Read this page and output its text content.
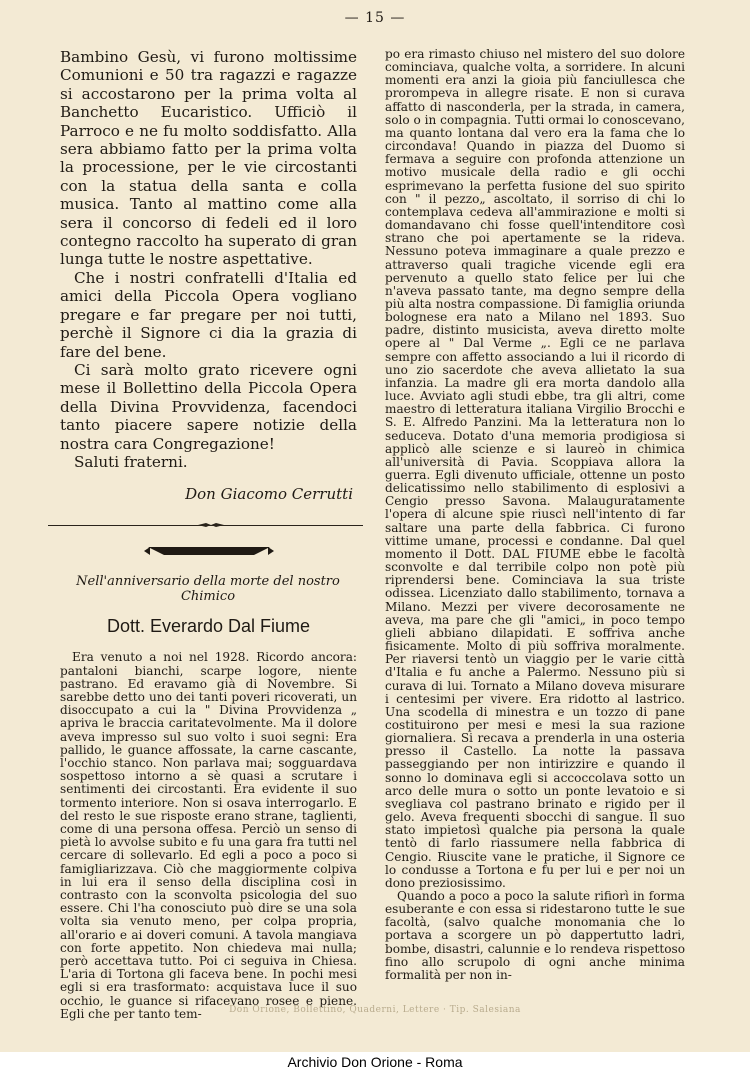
— 15 —

Bambino Gesù, vi furono moltissime Comunioni e 50 tra ragazzi e ragazze si accostarono per la prima volta al Banchetto Eucaristico. Ufficiò il Parroco e ne fu molto soddisfatto. Alla sera abbiamo fatto per la prima volta la processione, per le vie circostanti con la statua della santa e colla musica. Tanto al mattino come alla sera il concorso di fedeli ed il loro contegno raccolto ha superato di gran lunga tutte le nostre aspettative.

Che i nostri confratelli d'Italia ed amici della Piccola Opera vogliano pregare e far pregare per noi tutti, perchè il Signore ci dia la grazia di fare del bene.

Ci sarà molto grato ricevere ogni mese il Bollettino della Piccola Opera della Divina Provvidenza, facendoci tanto piacere sapere notizie della nostra cara Congregazione!

Saluti fraterni.

Don Giacomo Cerrutti
Nell'anniversario della morte del nostro Chimico
Dott. Everardo Dal Fiume

Era venuto a noi nel 1928. Ricordo ancora: pantaloni bianchi, scarpe logore, niente pastrano. Ed eravamo già di Novembre. Si sarebbe detto uno dei tanti poveri ricoverati, un disoccupato a cui la " Divina Provvidenza „ apriva le braccia caritatevolmente. Ma il dolore aveva impresso sul suo volto i suoi segni: Era pallido, le guance affossate, la carne cascante, l'occhio stanco. Non parlava mai; sogguardava sospettoso intorno a sè quasi a scrutare i sentimenti dei circostanti. Era evidente il suo tormento interiore. Non si osava interrogarlo. E del resto le sue risposte erano strane, taglienti, come di una persona offesa. Perciò un senso di pietà lo avvolse subito e fu una gara fra tutti nel cercare di sollevarlo. Ed egli a poco a poco si famigliarizzava. Ciò che maggiormente colpiva in lui era il senso della disciplina così in contrasto con la sconvolta psicologia del suo essere. Chi l'ha conosciuto può dire se una sola volta sia venuto meno, per colpa propria, all'orario e ai doveri comuni. A tavola mangiava con forte appetito. Non chiedeva mai nulla; però accettava tutto. Poi ci seguiva in Chiesa. L'aria di Tortona gli faceva bene. In pochi mesi egli si era trasformato: acquistava luce il suo occhio, le guance si rifacevano rosee e piene. Egli che per tanto tem-

po era rimasto chiuso nel mistero del suo dolore cominciava, qualche volta, a sorridere. In alcuni momenti era anzi la gioia più fanciullesca che prorompeva in allegre risate. E non si curava affatto di nasconderla, per la strada, in camera, solo o in compagnia. Tutti ormai lo conoscevano, ma quanto lontana dal vero era la fama che lo circondava! Quando in piazza del Duomo si fermava a seguire con profonda attenzione un motivo musicale della radio e gli occhi esprimevano la perfetta fusione del suo spirito con " il pezzo„ ascoltato, il sorriso di chi lo contemplava cedeva all'ammirazione e molti si domandavano chi fosse quell'intenditore così strano che poi apertamente se la rideva. Nessuno poteva immaginare a quale prezzo e attraverso quali tragiche vicende egli era pervenuto a quello stato felice per lui che n'aveva passato tante, ma degno sempre della più alta nostra compassione. Di famiglia oriunda bolognese era nato a Milano nel 1893. Suo padre, distinto musicista, aveva diretto molte opere al " Dal Verme „. Egli ce ne parlava sempre con affetto associando a lui il ricordo di uno zio sacerdote che aveva allietato la sua infanzia. La madre gli era morta dandolo alla luce. Avviato agli studi ebbe, tra gli altri, come maestro di letteratura italiana Virgilio Brocchi e S. E. Alfredo Panzini. Ma la letteratura non lo seduceva. Dotato d'una memoria prodigiosa si applicò alle scienze e si laureò in chimica all'università di Pavia. Scoppiava allora la guerra. Egli divenuto ufficiale, ottenne un posto delicatissimo nello stabilimento di esplosivi a Cengio presso Savona. Malauguratamente l'opera di alcune spie riuscì nell'intento di far saltare una parte della fabbrica. Ci furono vittime umane, processi e condanne. Dal quel momento il Dott. DAL FIUME ebbe le facoltà sconvolte e dal terribile colpo non potè più riprendersi bene. Cominciava la sua triste odissea. Licenziato dallo stabilimento, tornava a Milano. Mezzi per vivere decorosamente ne aveva, ma pare che gli "amici„ in poco tempo glieli abbiano dilapidati. E soffriva anche fisicamente. Molto di più soffriva moralmente. Per riaversi tentò un viaggio per le varie città d'Italia e fu anche a Palermo. Nessuno più si curava di lui. Tornato a Milano doveva misurare i centesimi per vivere. Era ridotto al lastrico. Una scodella di minestra e un tozzo di pane costituirono per mesi e mesi la sua razione giornaliera. Si recava a prenderla in una osteria presso il Castello. La notte la passava passeggiando per non intirizzire e quando il sonno lo dominava egli si accoccolava sotto un arco delle mura o sotto un ponte levatoio e si svegliava col pastrano brinato e rigido per il gelo. Aveva frequenti sbocchi di sangue. Il suo stato impietosì qualche pia persona la quale tentò di farlo riassumere nella fabbrica di Cengio. Riuscite vane le pratiche, il Signore ce lo condusse a Tortona e fu per lui e per noi un dono preziosissimo.

Quando a poco a poco la salute rifiorì in forma esuberante e con essa si ridestarono tutte le sue facoltà, (salvo qualche monomania che lo portava a scorgere un pò dappertutto ladri, bombe, disastri, calunnie e lo rendeva rispettoso fino allo scrupolo di ogni anche minima formalità per non in-

Don Orione, Bollettino, Quaderni, Lettere · Tip. Salesiana
Archivio Don Orione - Roma
